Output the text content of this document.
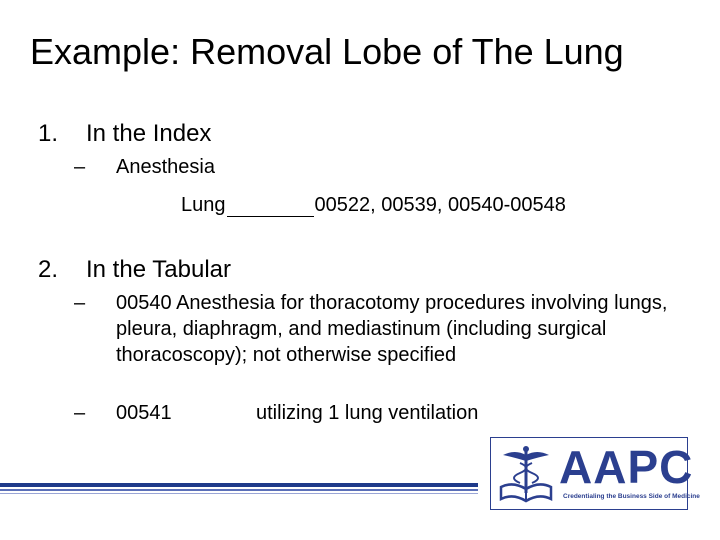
Example: Removal Lobe of The Lung
1. In the Index
– Anesthesia
Lung	00522, 00539, 00540-00548
2. In the Tabular
– 00540 Anesthesia for thoracotomy procedures involving lungs, pleura, diaphragm, and mediastinum (including surgical thoracoscopy); not otherwise specified
– 00541	utilizing 1 lung ventilation
AAPC
Credentialing the Business Side of Medicine
